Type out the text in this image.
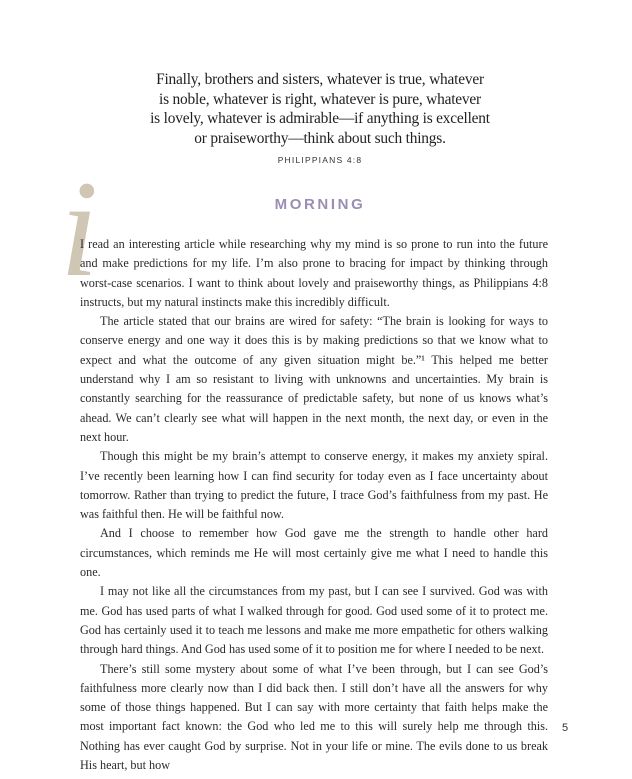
Finally, brothers and sisters, whatever is true, whatever
is noble, whatever is right, whatever is pure, whatever
is lovely, whatever is admirable—if anything is excellent
or praiseworthy—think about such things.
PHILIPPIANS 4:8
i	MORNING

I read an interesting article while researching why my mind is so prone to run into the future and make predictions for my life. I’m also prone to bracing for impact by thinking through worst-case scenarios. I want to think about lovely and praiseworthy things, as Philippians 4:8 instructs, but my natural instincts make this incredibly difficult.

The article stated that our brains are wired for safety: “The brain is looking for ways to conserve energy and one way it does this is by making predictions so that we know what to expect and what the outcome of any given situation might be.”¹ This helped me better understand why I am so resistant to living with unknowns and uncertainties. My brain is constantly searching for the reassurance of predictable safety, but none of us knows what’s ahead. We can’t clearly see what will happen in the next month, the next day, or even in the next hour.

Though this might be my brain’s attempt to conserve energy, it makes my anxiety spiral. I’ve recently been learning how I can find security for today even as I face uncertainty about tomorrow. Rather than trying to predict the future, I trace God’s faithfulness from my past. He was faithful then. He will be faithful now.

And I choose to remember how God gave me the strength to handle other hard circumstances, which reminds me He will most certainly give me what I need to handle this one.

I may not like all the circumstances from my past, but I can see I survived. God was with me. God has used parts of what I walked through for good. God used some of it to protect me. God has certainly used it to teach me lessons and make me more empathetic for others walking through hard things. And God has used some of it to position me for where I needed to be next.

There’s still some mystery about some of what I’ve been through, but I can see God’s faithfulness more clearly now than I did back then. I still don’t have all the answers for why some of those things happened. But I can say with more certainty that faith helps make the most important fact known: the God who led me to this will surely help me through this. Nothing has ever caught God by surprise. Not in your life or mine. The evils done to us break His heart, but how

5
